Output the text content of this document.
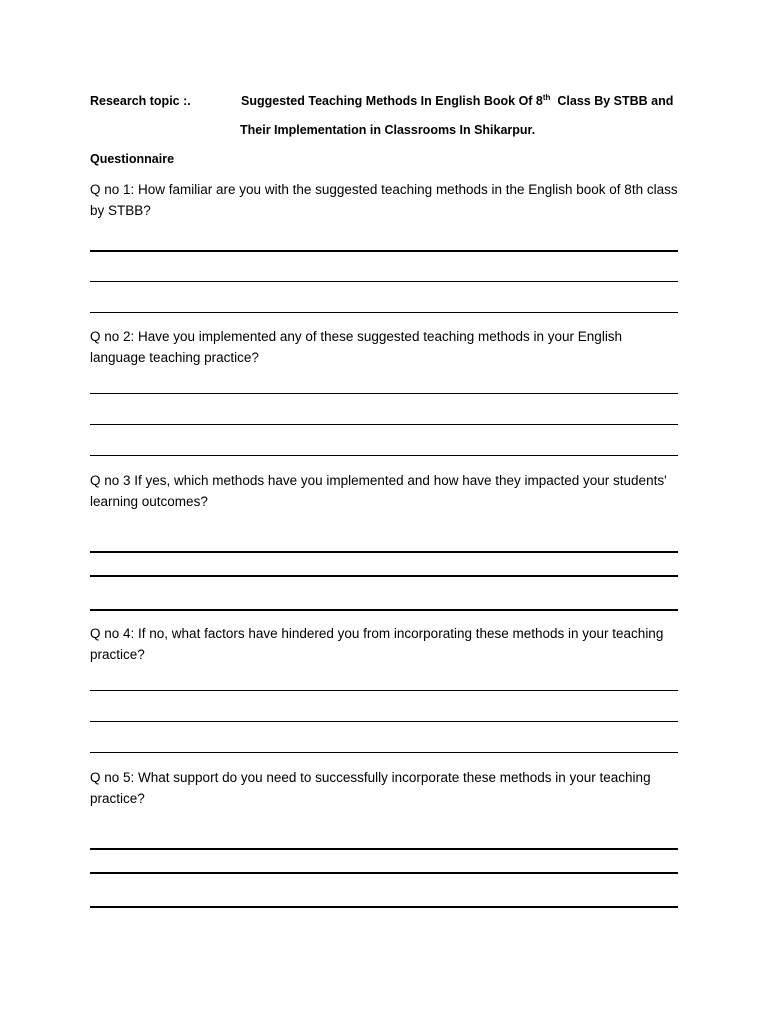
Research topic :.	Suggested Teaching Methods In English Book Of 8th Class By STBB and
Their Implementation in Classrooms In Shikarpur.
Questionnaire
Q no 1: How familiar are you with the suggested teaching methods in the English book of 8th class by STBB?
Q no 2: Have you implemented any of these suggested teaching methods in your English language teaching practice?
Q no 3 If yes, which methods have you implemented and how have they impacted your students' learning outcomes?
Q no 4: If no, what factors have hindered you from incorporating these methods in your teaching practice?
Q no 5: What support do you need to successfully incorporate these methods in your teaching practice?
